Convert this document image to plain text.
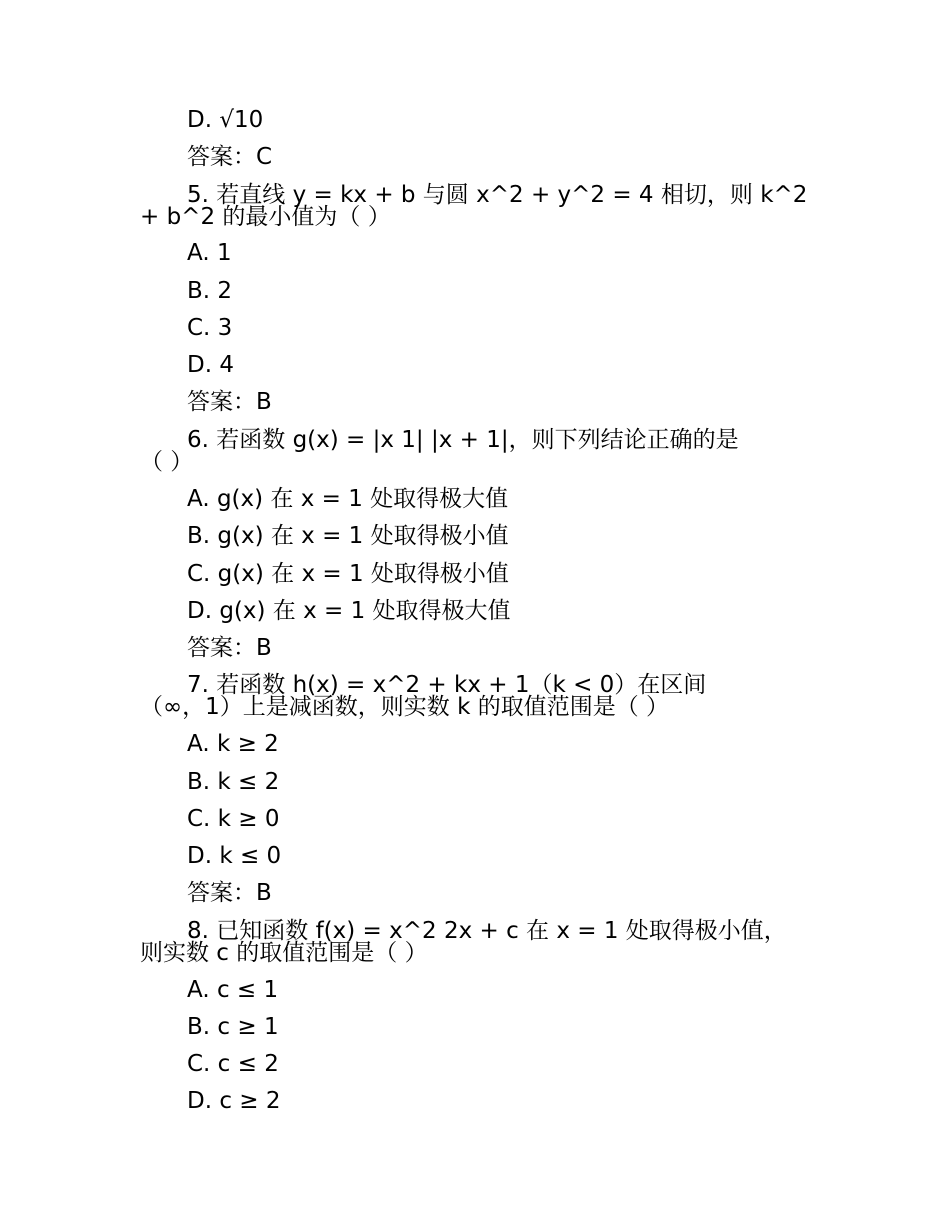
D. √10
答案：C
5. 若直线 y = kx + b 与圆 x^2 + y^2 = 4 相切，则 k^2
+ b^2 的最小值为（ ）
A. 1
B. 2
C. 3
D. 4
答案：B
6. 若函数 g(x) = |x 1| |x + 1|，则下列结论正确的是
（ ）
A. g(x) 在 x = 1 处取得极大值
B. g(x) 在 x = 1 处取得极小值
C. g(x) 在 x = 1 处取得极小值
D. g(x) 在 x = 1 处取得极大值
答案：B
7. 若函数 h(x) = x^2 + kx + 1（k < 0）在区间
（∞，1）上是减函数，则实数 k 的取值范围是（ ）
A. k ≥ 2
B. k ≤ 2
C. k ≥ 0
D. k ≤ 0
答案：B
8. 已知函数 f(x) = x^2 2x + c 在 x = 1 处取得极小值，
则实数 c 的取值范围是（ ）
A. c ≤ 1
B. c ≥ 1
C. c ≤ 2
D. c ≥ 2
